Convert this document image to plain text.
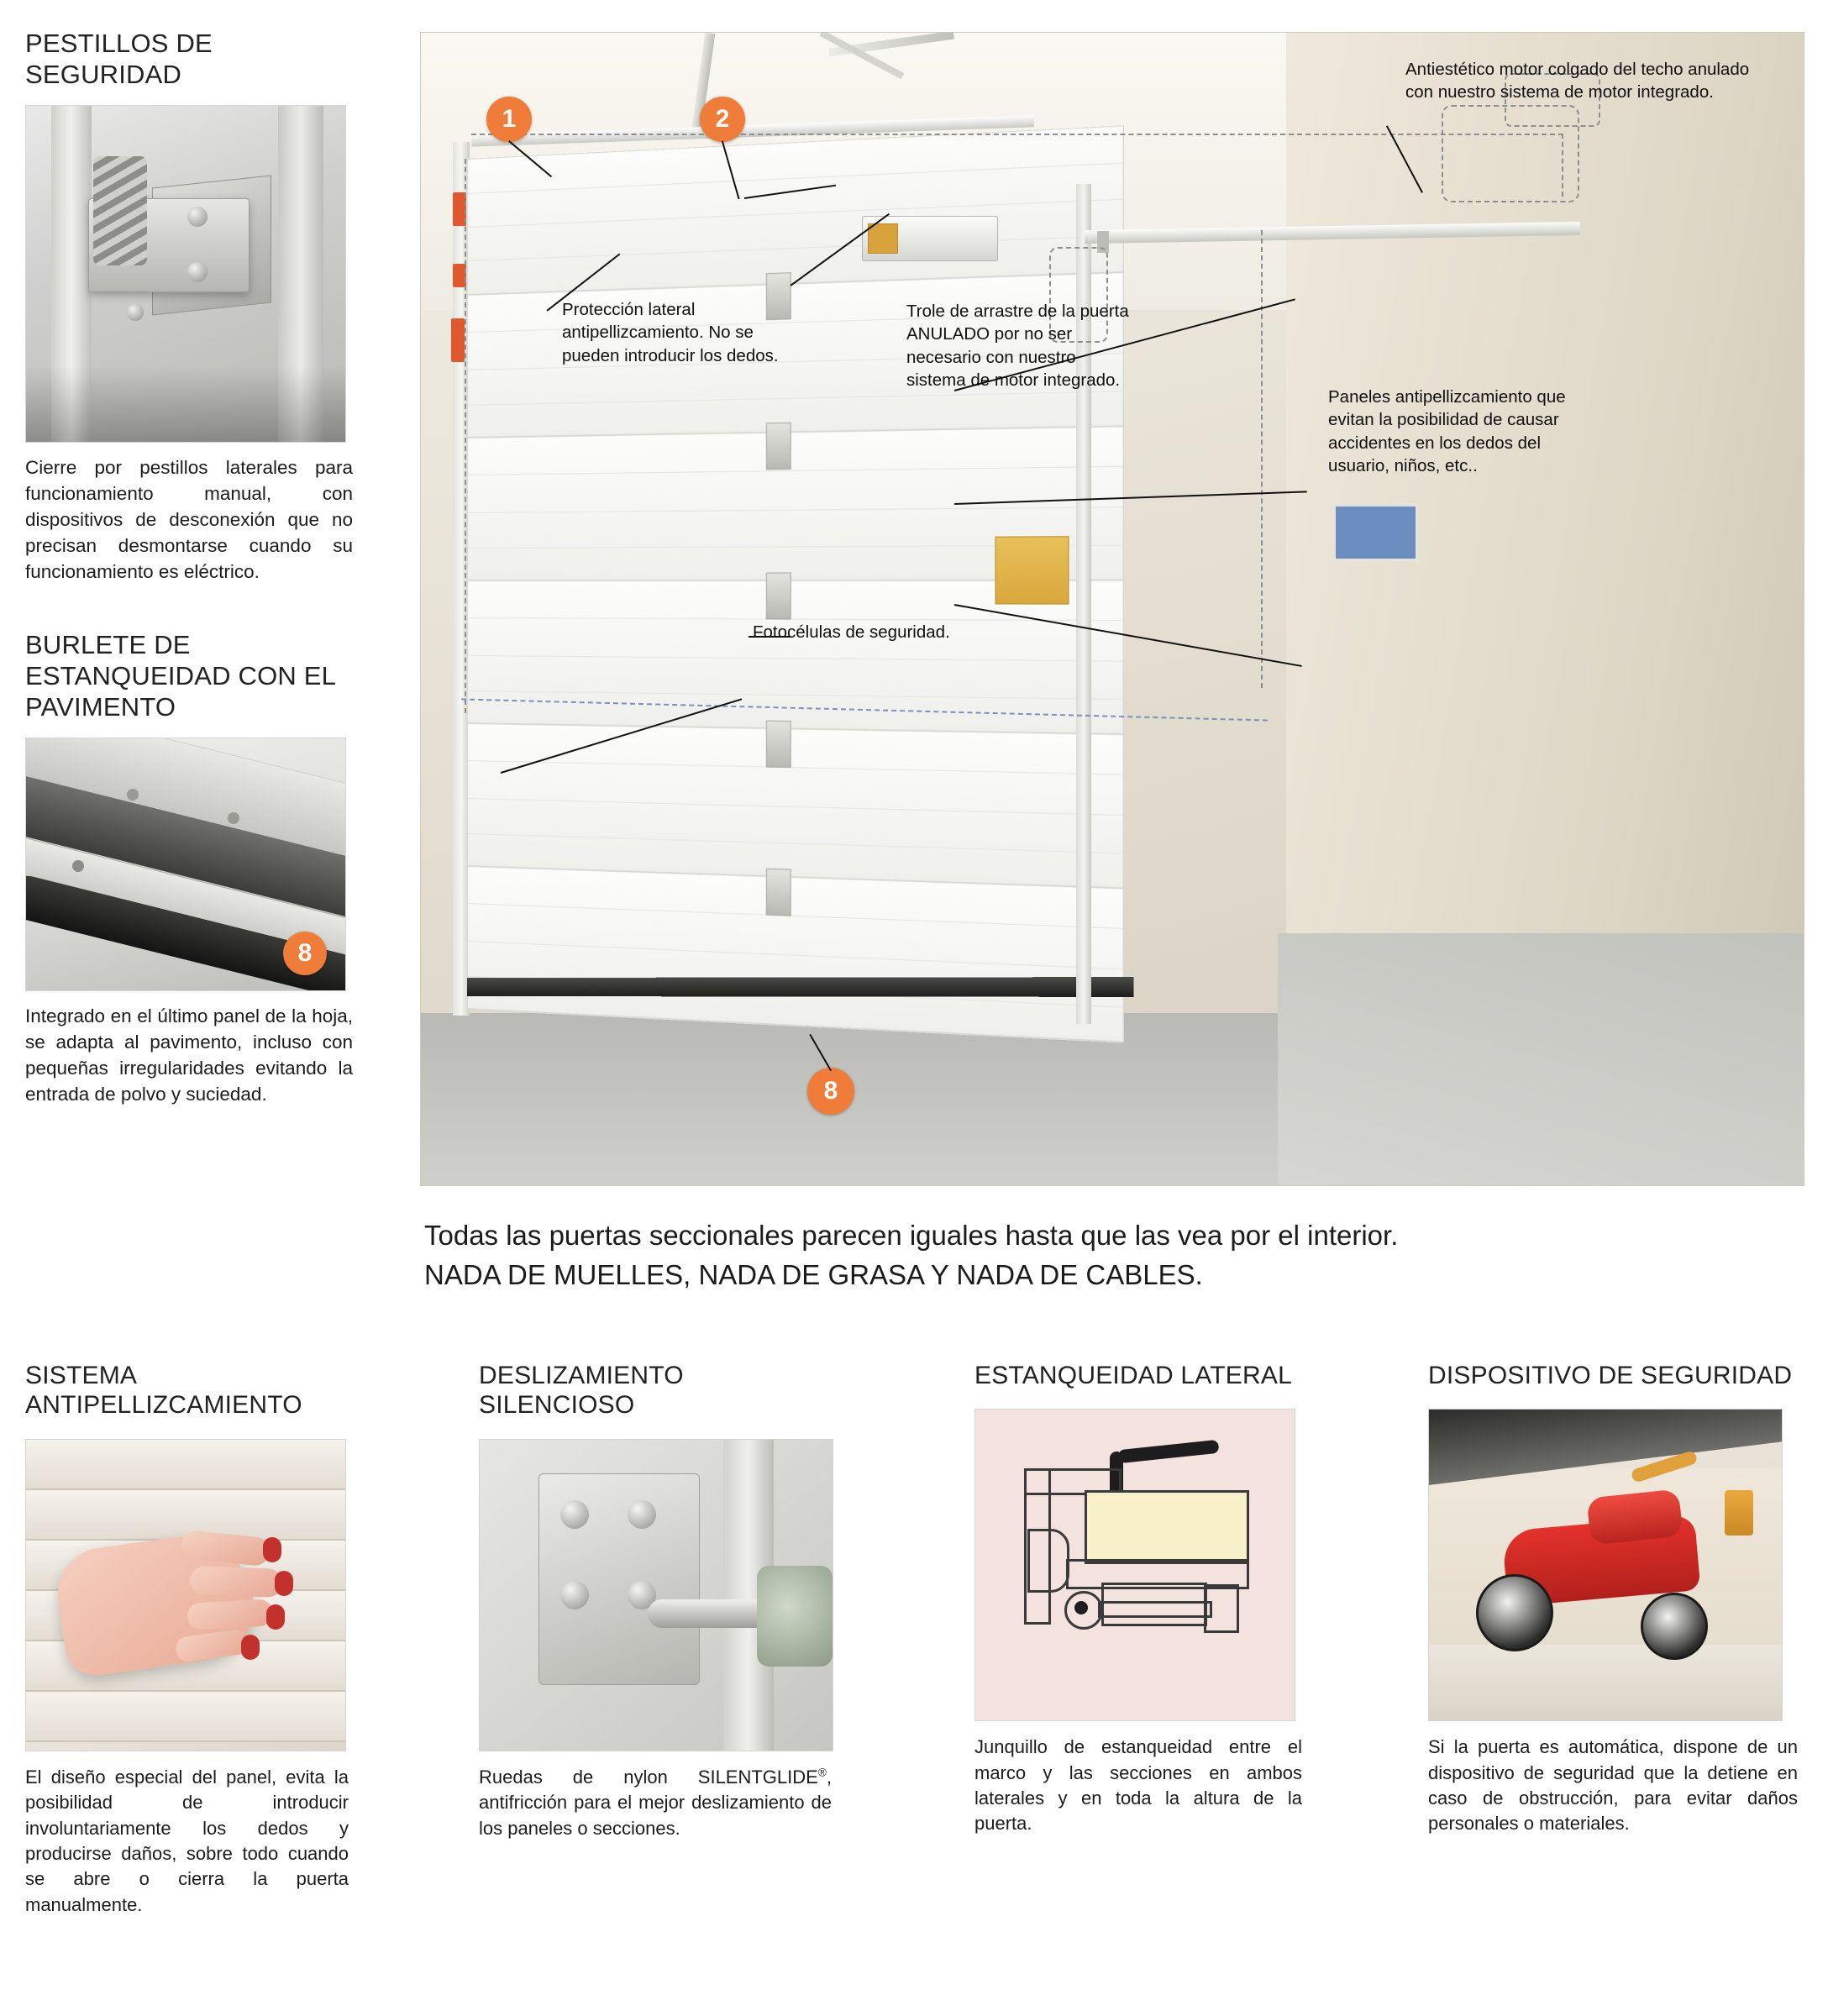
PESTILLOS DE SEGURIDAD

Cierre por pestillos laterales para funcionamiento manual, con dispositivos de desconexión que no precisan desmontarse cuando su funcionamiento es eléctrico.

BURLETE DE ESTANQUEIDAD CON EL PAVIMENTO
8

Integrado en el último panel de la hoja, se adapta al pavimento, incluso con pequeñas irregularidades evitando la entrada de polvo y suciedad.

1	2
8
Antiestético motor colgado del techo anulado con nuestro sistema de motor integrado.
Protección lateral antipellizcamiento. No se pueden introducir los dedos.
Trole de arrastre de la puerta ANULADO por no ser necesario con nuestro sistema de motor integrado.
Paneles antipellizcamiento que evitan la posibilidad de causar accidentes en los dedos del usuario, niños, etc..
Fotocélulas de seguridad.
Todas las puertas seccionales parecen iguales hasta que las vea por el interior.
NADA DE MUELLES, NADA DE GRASA Y NADA DE CABLES.
SISTEMA ANTIPELLIZCAMIENTO

El diseño especial del panel, evita la posibilidad de introducir involuntariamente los dedos y producirse daños, sobre todo cuando se abre o cierra la puerta manualmente.

DESLIZAMIENTO SILENCIOSO

Ruedas de nylon SILENTGLIDE®, antifricción para el mejor deslizamiento de los paneles o secciones.

ESTANQUEIDAD LATERAL

Junquillo de estanqueidad entre el marco y las secciones en ambos laterales y en toda la altura de la puerta.

DISPOSITIVO DE SEGURIDAD

Si la puerta es automática, dispone de un dispositivo de seguridad que la detiene en caso de obstrucción, para evitar daños personales o materiales.
